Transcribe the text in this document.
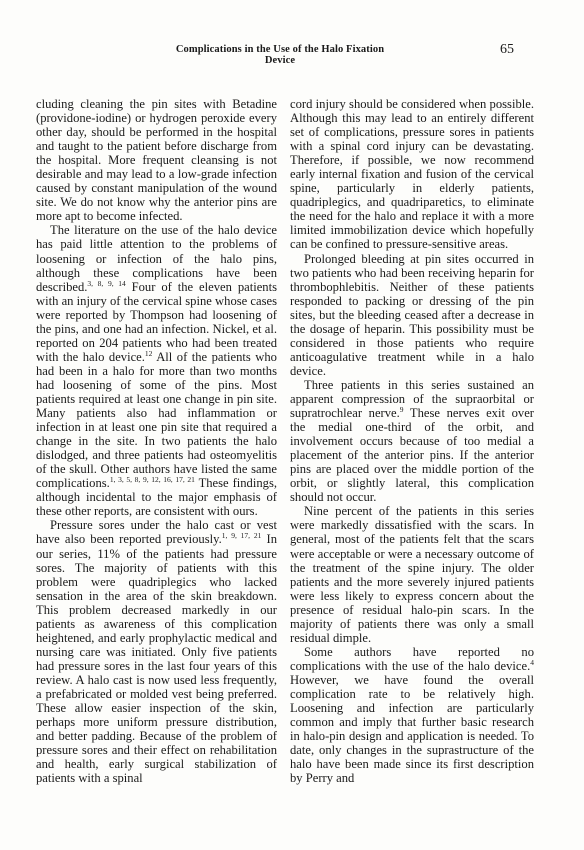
Complications in the Use of the Halo Fixation Device
65

cluding cleaning the pin sites with Betadine (providone-iodine) or hydrogen peroxide every other day, should be performed in the hospital and taught to the patient before discharge from the hospital. More frequent cleansing is not desirable and may lead to a low-grade infection caused by constant manipulation of the wound site. We do not know why the anterior pins are more apt to become infected.

The literature on the use of the halo device has paid little attention to the problems of loosening or infection of the halo pins, although these complications have been described.$^{3, 8, 9, 14}$ Four of the eleven patients with an injury of the cervical spine whose cases were reported by Thompson had loosening of the pins, and one had an infection. Nickel, et al. reported on 204 patients who had been treated with the halo device.$^{12}$ All of the patients who had been in a halo for more than two months had loosening of some of the pins. Most patients required at least one change in pin site. Many patients also had inflammation or infection in at least one pin site that required a change in the site. In two patients the halo dislodged, and three patients had osteomyelitis of the skull. Other authors have listed the same complications.$^{1, 3, 5, 8, 9, 12, 16, 17, 21}$ These findings, although incidental to the major emphasis of these other reports, are consistent with ours.

Pressure sores under the halo cast or vest have also been reported previously.$^{1, 9, 17, 21}$ In our series, 11% of the patients had pressure sores. The majority of patients with this problem were quadriplegics who lacked sensation in the area of the skin breakdown. This problem decreased markedly in our patients as awareness of this complication heightened, and early prophylactic medical and nursing care was initiated. Only five patients had pressure sores in the last four years of this review. A halo cast is now used less frequently, a prefabricated or molded vest being preferred. These allow easier inspection of the skin, perhaps more uniform pressure distribution, and better padding. Because of the problem of pressure sores and their effect on rehabilitation and health, early surgical stabilization of patients with a spinal

cord injury should be considered when possible. Although this may lead to an entirely different set of complications, pressure sores in patients with a spinal cord injury can be devastating. Therefore, if possible, we now recommend early internal fixation and fusion of the cervical spine, particularly in elderly patients, quadriplegics, and quadriparetics, to eliminate the need for the halo and replace it with a more limited immobilization device which hopefully can be confined to pressure-sensitive areas.

Prolonged bleeding at pin sites occurred in two patients who had been receiving heparin for thrombophlebitis. Neither of these patients responded to packing or dressing of the pin sites, but the bleeding ceased after a decrease in the dosage of heparin. This possibility must be considered in those patients who require anticoagulative treatment while in a halo device.

Three patients in this series sustained an apparent compression of the supraorbital or supratrochlear nerve.$^9$ These nerves exit over the medial one-third of the orbit, and involvement occurs because of too medial a placement of the anterior pins. If the anterior pins are placed over the middle portion of the orbit, or slightly lateral, this complication should not occur.

Nine percent of the patients in this series were markedly dissatisfied with the scars. In general, most of the patients felt that the scars were acceptable or were a necessary outcome of the treatment of the spine injury. The older patients and the more severely injured patients were less likely to express concern about the presence of residual halo-pin scars. In the majority of patients there was only a small residual dimple.

Some authors have reported no complications with the use of the halo device.$^4$ However, we have found the overall complication rate to be relatively high. Loosening and infection are particularly common and imply that further basic research in halo-pin design and application is needed. To date, only changes in the suprastructure of the halo have been made since its first description by Perry and
